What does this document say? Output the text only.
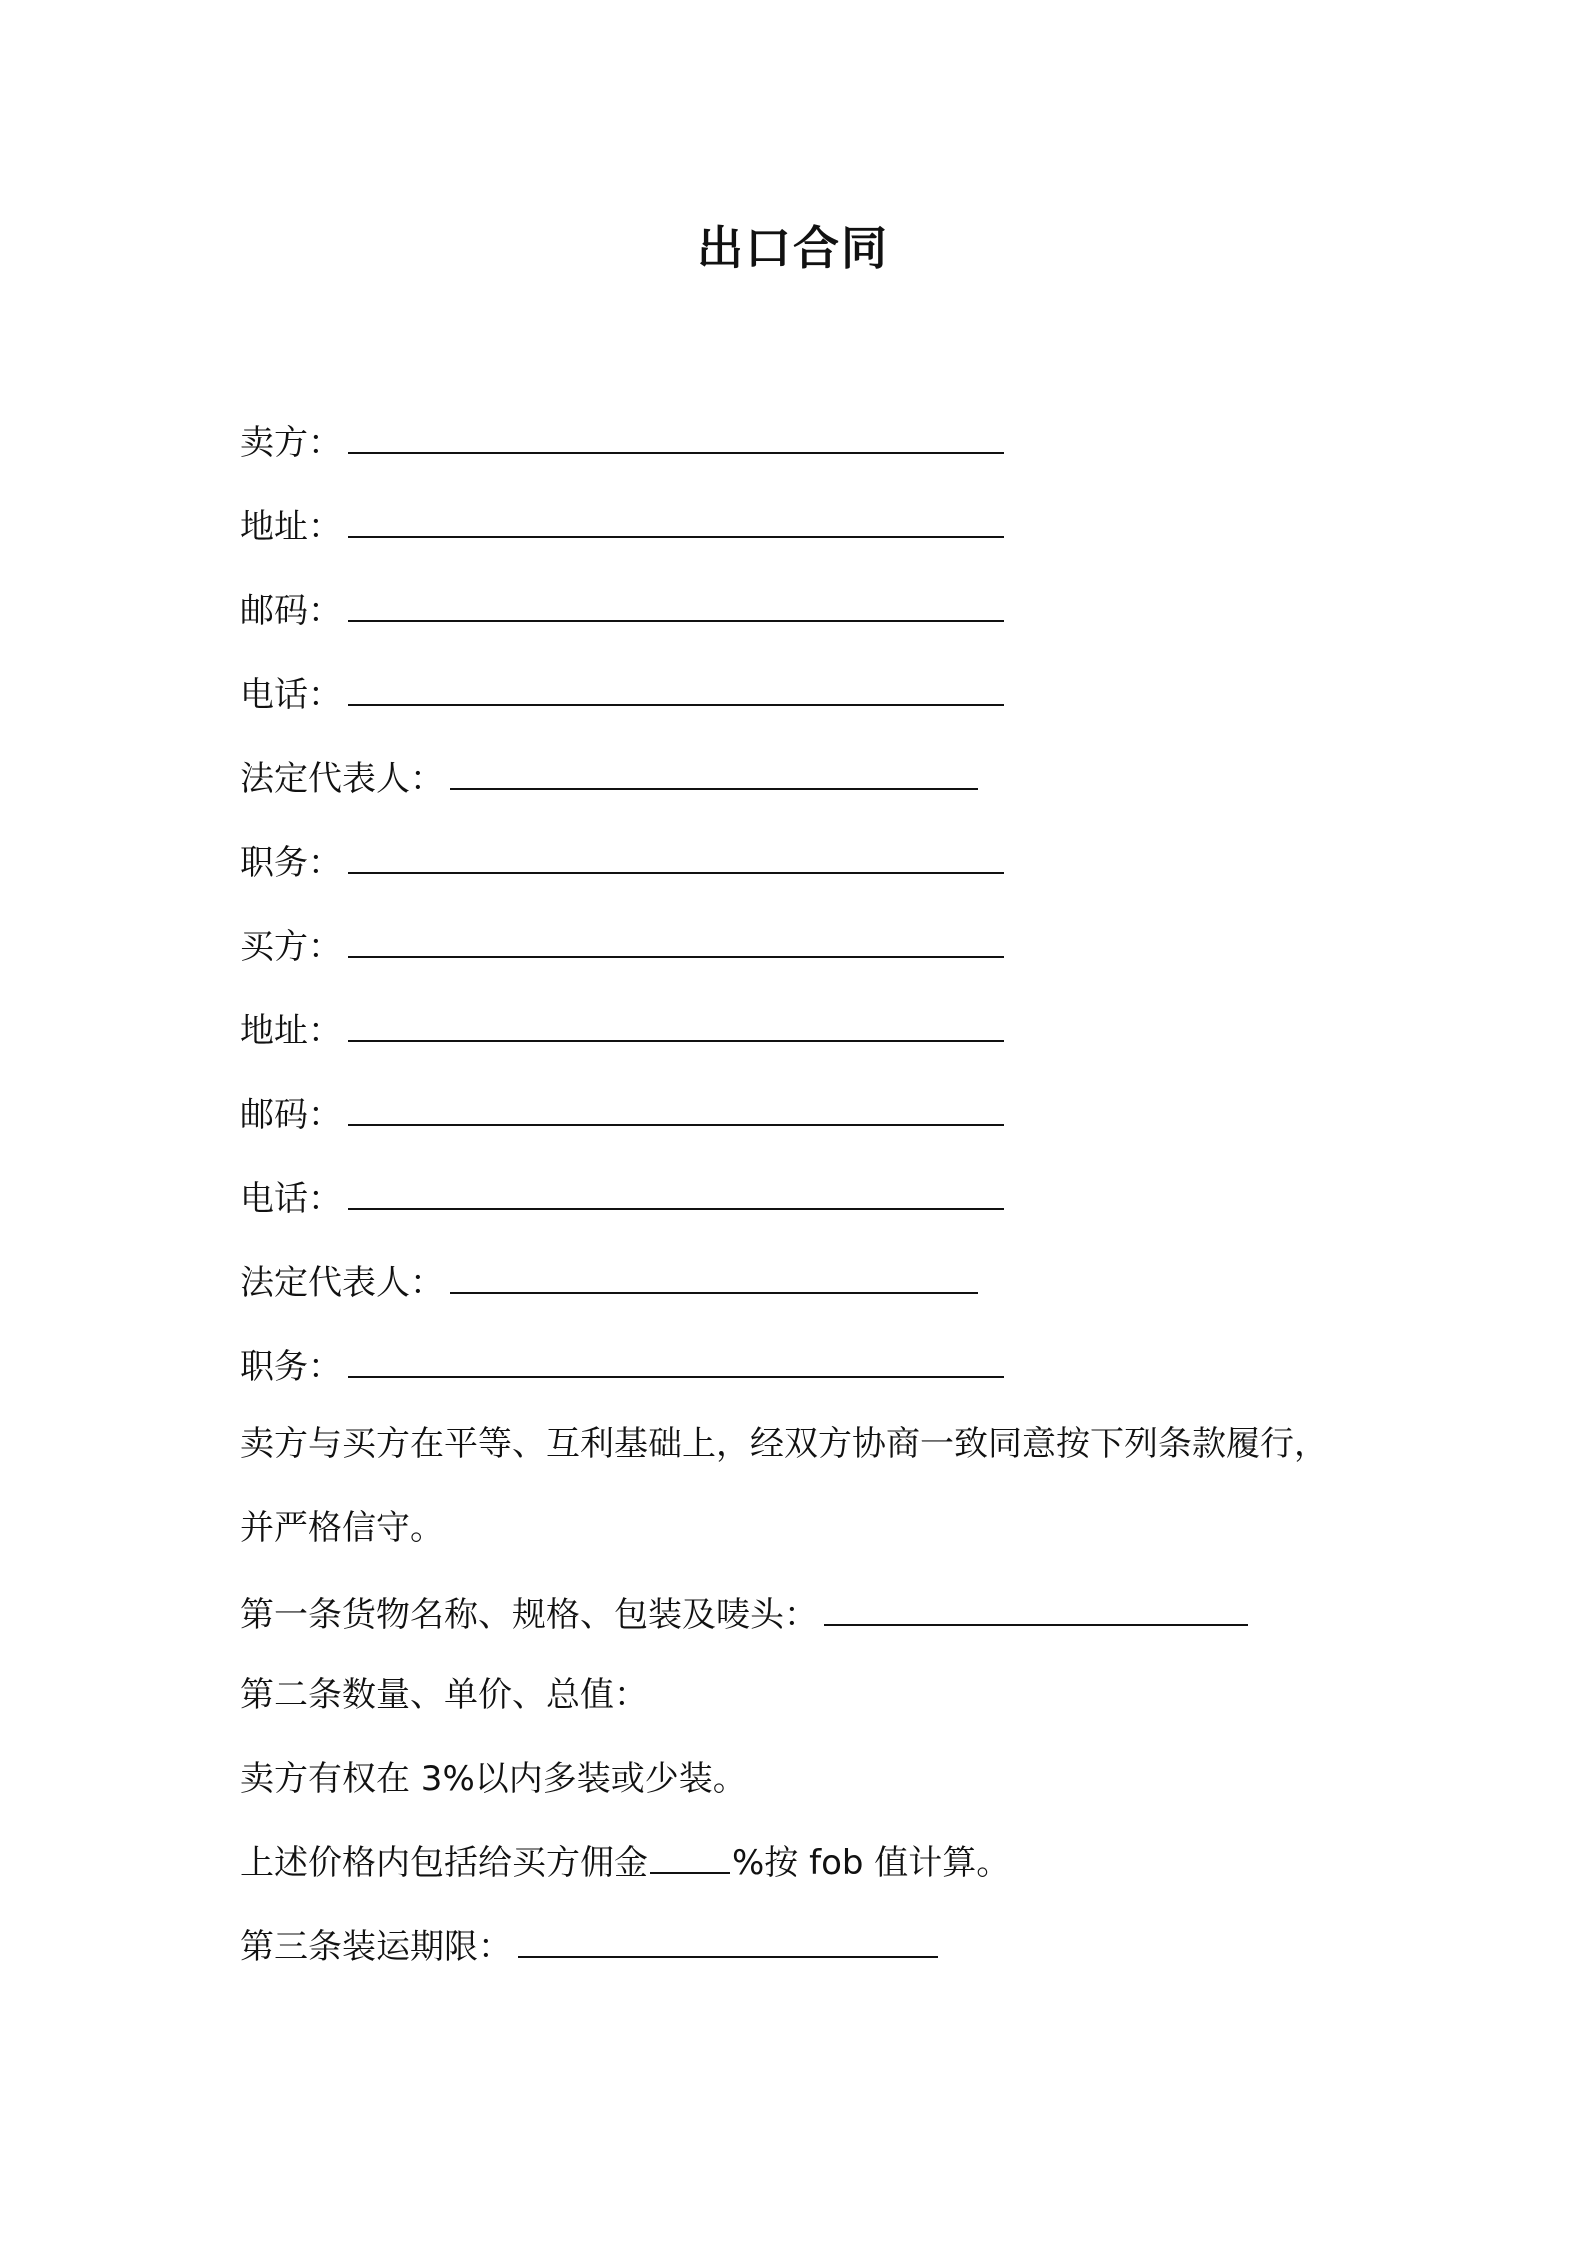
出口合同
卖方：
地址：
邮码：
电话：
法定代表人：
职务：
买方：
地址：
邮码：
电话：
法定代表人：
职务：
卖方与买方在平等、互利基础上，经双方协商一致同意按下列条款履行，并严格信守。
第一条货物名称、规格、包装及唛头：
第二条数量、单价、总值：
卖方有权在 3%以内多装或少装。
上述价格内包括给买方佣金 %按 fob 值计算。
第三条装运期限：
